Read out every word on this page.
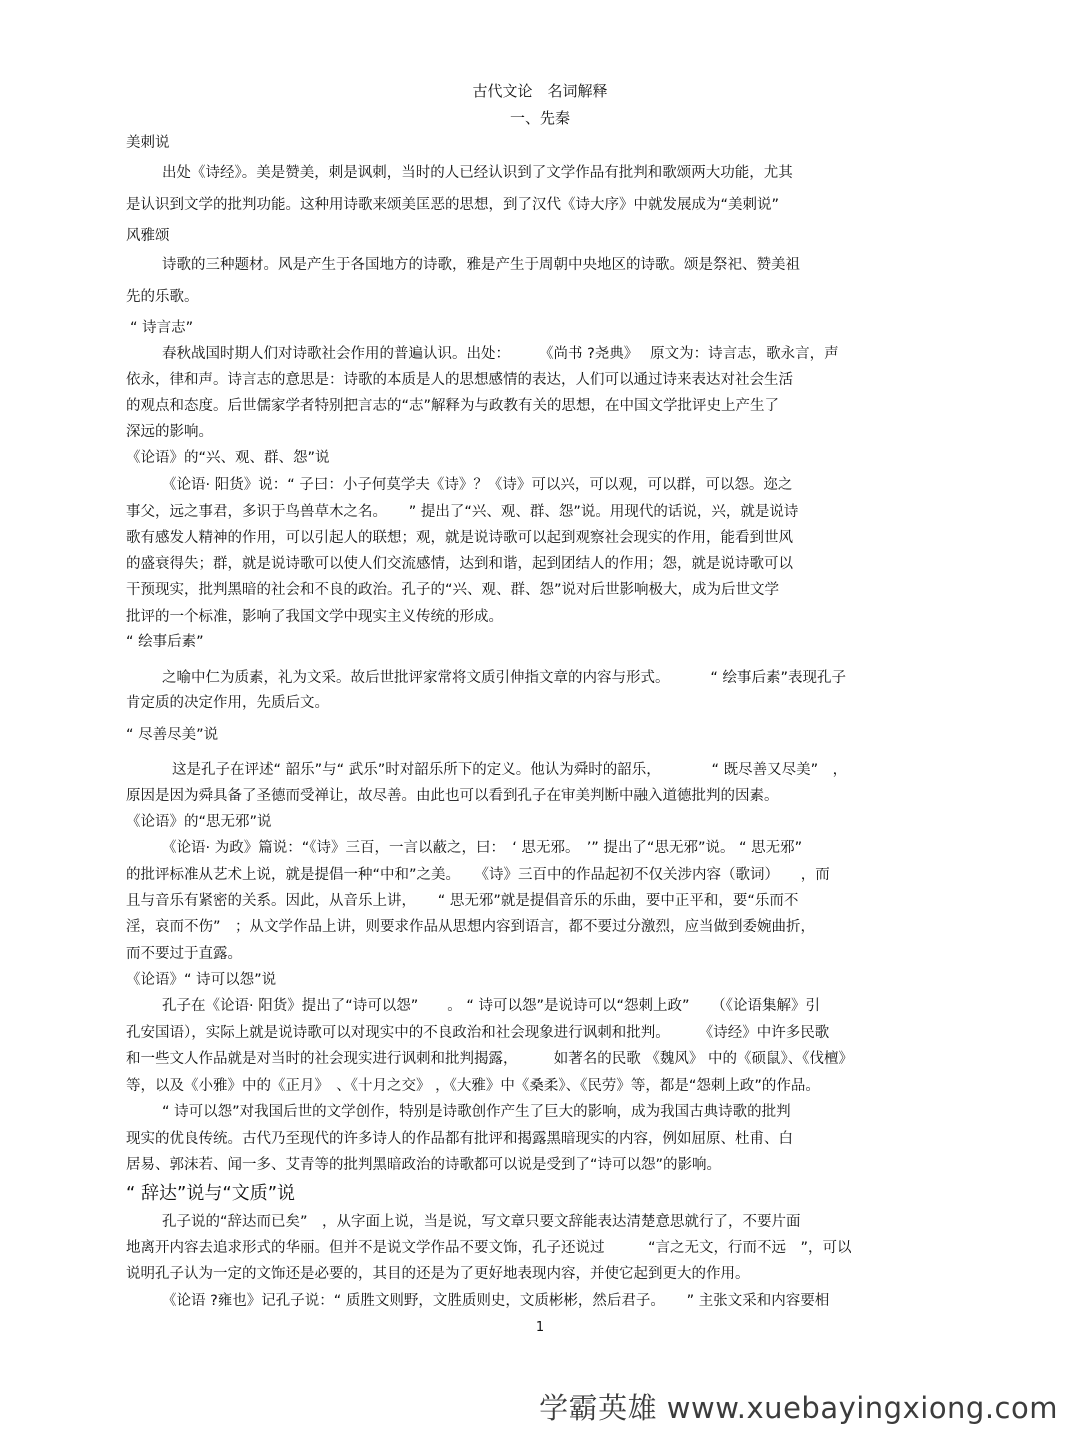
古代文论　名词解释
一、先秦

美刺说

出处《诗经》。美是赞美，刺是讽刺，当时的人已经认识到了文学作品有批判和歌颂两大功能，尤其

是认识到文学的批判功能。这种用诗歌来颂美匡恶的思想，到了汉代《诗大序》中就发展成为“美刺说”

风雅颂

诗歌的三种题材。风是产生于各国地方的诗歌，雅是产生于周朝中央地区的诗歌。颂是祭祀、赞美祖

先的乐歌。

“ 诗言志”

春秋战国时期人们对诗歌社会作用的普遍认识。出处：　　　《尚书 ?尧典》　 原文为：诗言志，歌永言，声

依永，律和声。诗言志的意思是：诗歌的本质是人的思想感情的表达，人们可以通过诗来表达对社会生活

的观点和态度。后世儒家学者特别把言志的“志”解释为与政教有关的思想，在中国文学批评史上产生了

深远的影响。

《论语》的“兴、观、群、怨”说

《论语· 阳货》说：“ 子曰：小子何莫学夫《诗》？《诗》可以兴，可以观，可以群，可以怨。迩之

事父，远之事君，多识于鸟兽草木之名。　　” 提出了“兴、观、群、怨”说。用现代的话说，兴，就是说诗

歌有感发人精神的作用，可以引起人的联想；观，就是说诗歌可以起到观察社会现实的作用，能看到世风

的盛衰得失；群，就是说诗歌可以使人们交流感情，达到和谐，起到团结人的作用；怨，就是说诗歌可以

干预现实，批判黑暗的社会和不良的政治。孔子的“兴、观、群、怨”说对后世影响极大，成为后世文学

批评的一个标准，影响了我国文学中现实主义传统的形成。

“ 绘事后素”

之喻中仁为质素，礼为文采。故后世批评家常将文质引伸指文章的内容与形式。　　　 “ 绘事后素”表现孔子

肯定质的决定作用，先质后文。

“ 尽善尽美”说

这是孔子在评述“ 韶乐”与“ 武乐”时对韶乐所下的定义。他认为舜时的韶乐，　　　　“ 既尽善又尽美”　，

原因是因为舜具备了圣德而受禅让，故尽善。由此也可以看到孔子在审美判断中融入道德批判的因素。

《论语》的“思无邪”说

《论语· 为政》篇说：“《诗》三百，一言以蔽之，曰：　‘ 思无邪。　’” 提出了“思无邪”说。 “ 思无邪”

的批评标准从艺术上说，就是提倡一种“中和”之美。　　《诗》三百中的作品起初不仅关涉内容（歌词）　　，而

且与音乐有紧密的关系。因此，从音乐上讲，　　“ 思无邪”就是提倡音乐的乐曲，要中正平和，要“乐而不

淫，哀而不伤”　；从文学作品上讲，则要求作品从思想内容到语言，都不要过分激烈，应当做到委婉曲折，

而不要过于直露。

《论语》“ 诗可以怨”说

孔子在《论语· 阳货》提出了“诗可以怨”　　。 “ 诗可以怨”是说诗可以“怨刺上政”　　（《论语集解》引

孔安国语），实际上就是说诗歌可以对现实中的不良政治和社会现象进行讽刺和批判。　　　《诗经》中许多民歌

和一些文人作品就是对当时的社会现实进行讽刺和批判揭露，　　　如著名的民歌 《魏风》 中的《硕鼠》、《伐檀》

等，以及《小雅》中的《正月》　、《十月之交》 ，《大雅》中《桑柔》、《民劳》等，都是“怨刺上政”的作品。

“ 诗可以怨”对我国后世的文学创作，特别是诗歌创作产生了巨大的影响，成为我国古典诗歌的批判

现实的优良传统。古代乃至现代的许多诗人的作品都有批评和揭露黑暗现实的内容，例如屈原、杜甫、白

居易、郭沫若、闻一多、艾青等的批判黑暗政治的诗歌都可以说是受到了“诗可以怨”的影响。

“ 辞达”说与“文质”说

孔子说的“辞达而已矣”　，从字面上说，当是说，写文章只要文辞能表达清楚意思就行了，不要片面

地离开内容去追求形式的华丽。但并不是说文学作品不要文饰，孔子还说过　　　“言之无文，行而不远　”，可以

说明孔子认为一定的文饰还是必要的，其目的还是为了更好地表现内容，并使它起到更大的作用。

《论语 ?雍也》记孔子说：“ 质胜文则野，文胜质则史，文质彬彬，然后君子。　　” 主张文采和内容要相

1
学霸英雄 www.xuebayingxiong.com
